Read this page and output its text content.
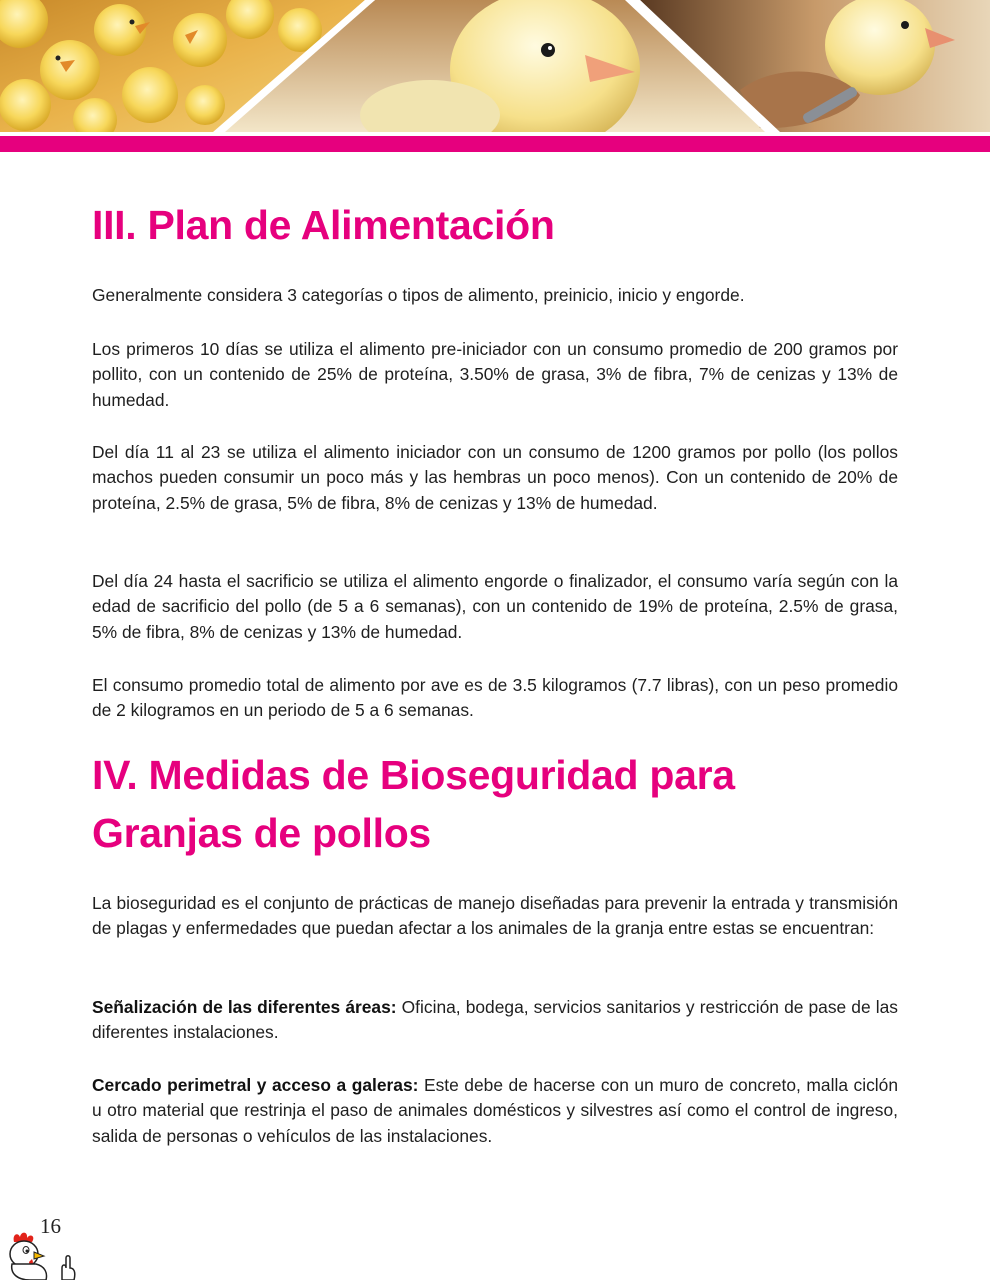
III. Plan de Alimentación

Generalmente considera 3 categorías o tipos de alimento, preinicio, inicio y engorde.

Los primeros 10 días se utiliza el alimento pre-iniciador con un consumo promedio de 200 gramos por pollito, con un contenido de 25% de proteína, 3.50% de grasa, 3% de fibra, 7% de cenizas y 13% de humedad.

Del día 11 al 23 se utiliza el alimento iniciador con un consumo de 1200 gramos por pollo (los pollos machos pueden consumir un poco más y las hembras un poco menos). Con un contenido de 20% de proteína, 2.5% de grasa, 5% de fibra, 8% de cenizas y 13% de humedad.

Del día 24 hasta el sacrificio se utiliza el alimento engorde o finalizador, el consumo varía según con la edad de sacrificio del pollo (de 5 a 6 semanas), con un contenido de 19% de proteína, 2.5% de grasa, 5% de fibra, 8% de cenizas y 13% de humedad.

El consumo promedio total de alimento por ave es de 3.5 kilogramos (7.7 libras), con un peso promedio de 2 kilogramos en un periodo de 5 a 6 semanas.

IV. Medidas de Bioseguridad para
Granjas de pollos

La bioseguridad es el conjunto de prácticas de manejo diseñadas para prevenir la entrada y transmisión de plagas y enfermedades que puedan afectar a los animales de la granja entre estas se encuentran:

Señalización de las diferentes áreas: Oficina, bodega, servicios sanitarios y restricción de pase de las diferentes instalaciones.

Cercado perimetral y acceso a galeras: Este debe de hacerse con un muro de concreto, malla ciclón u otro material que restrinja el paso de animales domésticos y silvestres así como el control de ingreso, salida de personas o vehículos de las instalaciones.

16
